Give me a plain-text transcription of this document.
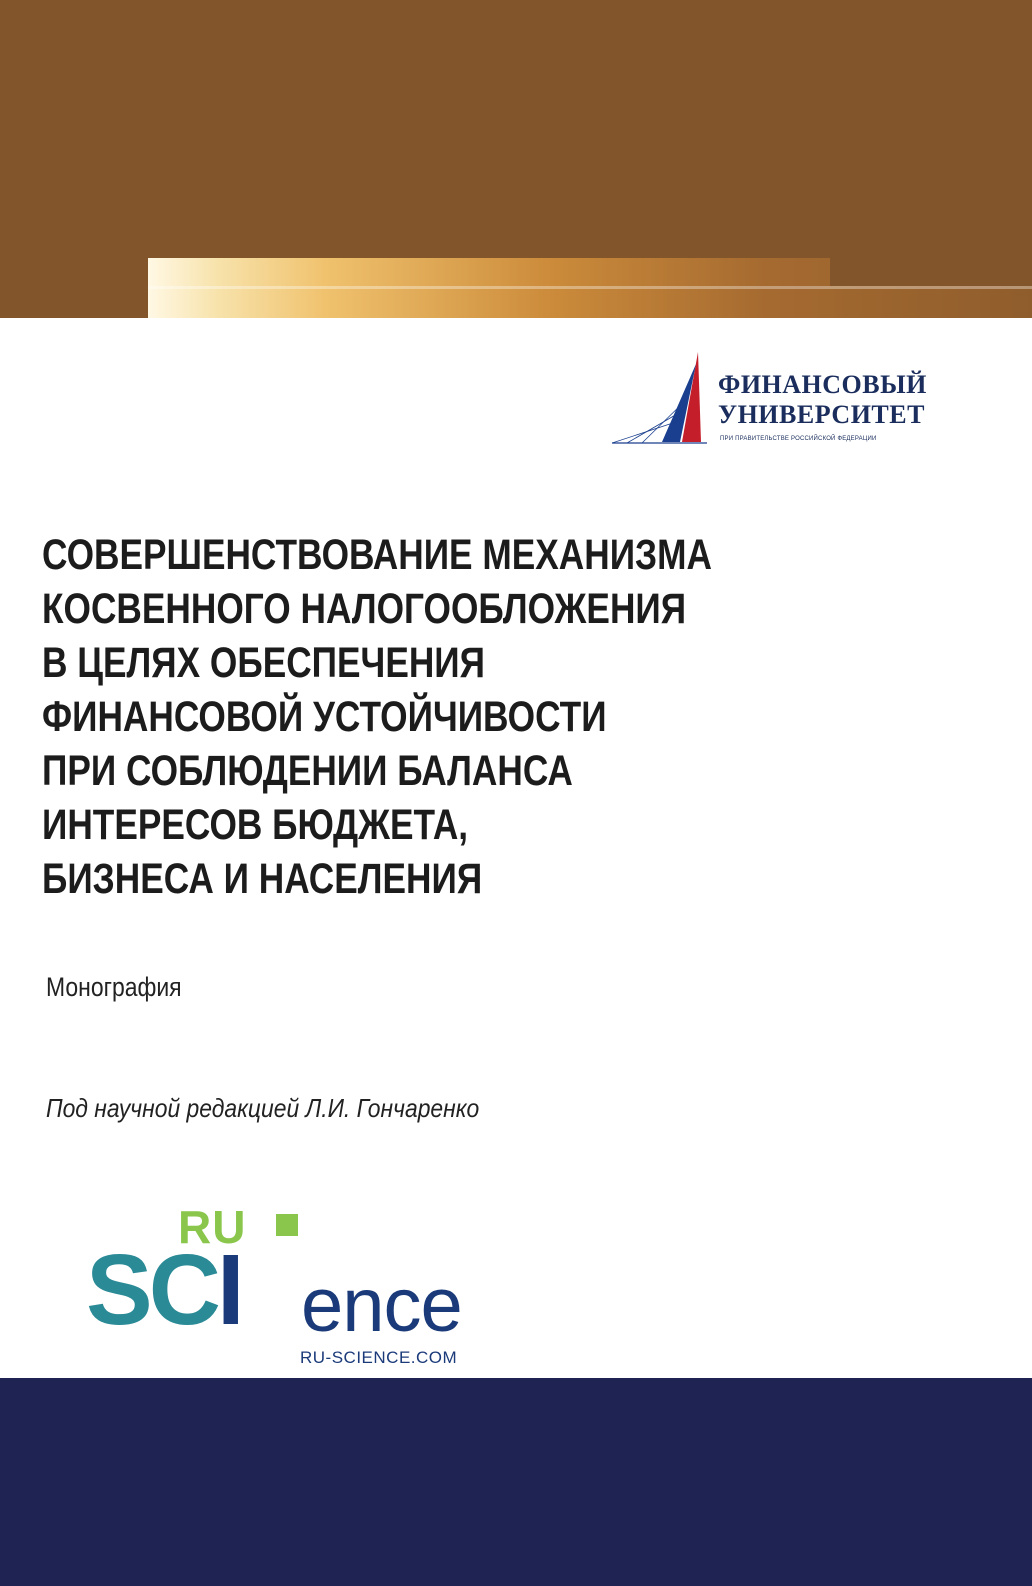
ФИНАНСОВЫЙ
УНИВЕРСИТЕТ
ПРИ ПРАВИТЕЛЬСТВЕ РОССИЙСКОЙ ФЕДЕРАЦИИ
СОВЕРШЕНСТВОВАНИЕ МЕХАНИЗМА
КОСВЕННОГО НАЛОГООБЛОЖЕНИЯ
В ЦЕЛЯХ ОБЕСПЕЧЕНИЯ
ФИНАНСОВОЙ УСТОЙЧИВОСТИ
ПРИ СОБЛЮДЕНИИ БАЛАНСА
ИНТЕРЕСОВ БЮДЖЕТА,
БИЗНЕСА И НАСЕЛЕНИЯ
Монография
Под научной редакцией Л.И. Гончаренко
RU
SCI ence
RU-SCIENCE.COM
